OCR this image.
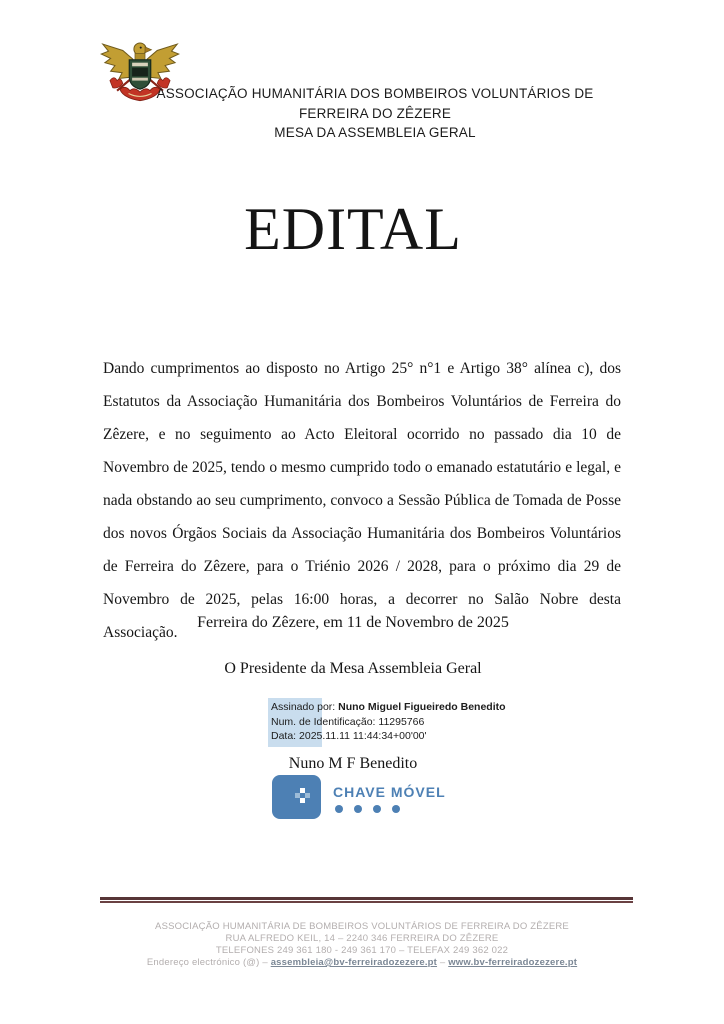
ASSOCIAÇÃO HUMANITÁRIA DOS BOMBEIROS VOLUNTÁRIOS DE
FERREIRA DO ZÊZERE
MESA DA ASSEMBLEIA GERAL
EDITAL
Dando cumprimentos ao disposto no Artigo 25° n°1 e Artigo 38° alínea c), dos Estatutos da Associação Humanitária dos Bombeiros Voluntários de Ferreira do Zêzere, e no seguimento ao Acto Eleitoral ocorrido no passado dia 10 de Novembro de 2025, tendo o mesmo cumprido todo o emanado estatutário e legal, e nada obstando ao seu cumprimento, convoco a Sessão Pública de Tomada de Posse dos novos Órgãos Sociais da Associação Humanitária dos Bombeiros Voluntários de Ferreira do Zêzere, para o Triénio 2026 / 2028, para o próximo dia 29 de Novembro de 2025, pelas 16:00 horas, a decorrer no Salão Nobre desta Associação.
Ferreira do Zêzere, em 11 de Novembro de 2025
O Presidente da Mesa Assembleia Geral
Assinado por: Nuno Miguel Figueiredo Benedito
Num. de Identificação: 11295766
Data: 2025.11.11 11:44:34+00'00'
Nuno M F Benedito
CHAVE MÓVEL
ASSOCIAÇÃO HUMANITÁRIA DE BOMBEIROS VOLUNTÁRIOS DE FERREIRA DO ZÊZERE
RUA ALFREDO KEIL, 14 – 2240 346 FERREIRA DO ZÊZERE
TELEFONES 249 361 180 - 249 361 170 – TELEFAX 249 362 022
Endereço electrónico (@) – assembleia@bv-ferreiradozezere.pt – www.bv-ferreiradozezere.pt
